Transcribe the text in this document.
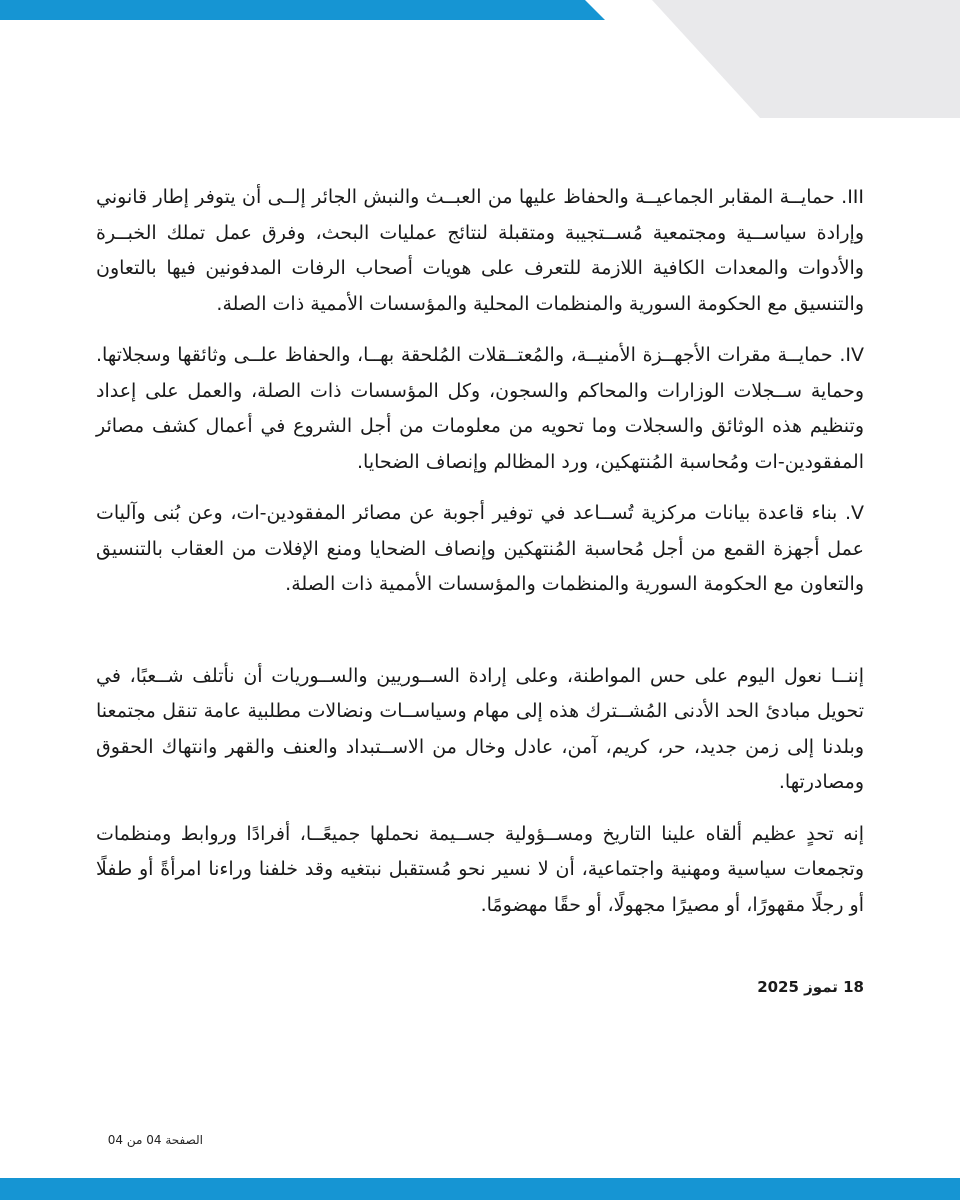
III. حمايــة المقابر الجماعيــة والحفاظ عليها من العبــث والنبش الجائر إلــى أن يتوفر إطار قانوني وإرادة سياســية ومجتمعية مُســتجيبة ومتقبلة لنتائج عمليات البحث، وفرق عمل تملك الخبــرة والأدوات والمعدات الكافية اللازمة للتعرف على هويات أصحاب الرفات المدفونين فيها بالتعاون والتنسيق مع الحكومة السورية والمنظمات المحلية والمؤسسات الأممية ذات الصلة.

IV. حمايــة مقرات الأجهــزة الأمنيــة، والمُعتــقلات المُلحقة بهــا، والحفاظ علــى وثائقها وسجلاتها. وحماية ســجلات الوزارات والمحاكم والسجون، وكل المؤسسات ذات الصلة، والعمل على إعداد وتنظيم هذه الوثائق والسجلات وما تحويه من معلومات من أجل الشروع في أعمال كشف مصائر المفقودين-ات ومُحاسبة المُنتهكين، ورد المظالم وإنصاف الضحايا.

V. بناء قاعدة بيانات مركزية تُســاعد في توفير أجوبة عن مصائر المفقودين-ات، وعن بُنى وآليات عمل أجهزة القمع من أجل مُحاسبة المُنتهكين وإنصاف الضحايا ومنع الإفلات من العقاب بالتنسيق والتعاون مع الحكومة السورية والمنظمات والمؤسسات الأممية ذات الصلة.

إننــا نعول اليوم على حس المواطنة، وعلى إرادة الســوريين والســوريات أن نأتلف شــعبًا، في تحويل مبادئ الحد الأدنى المُشــترك هذه إلى مهام وسياســات ونضالات مطلبية عامة تنقل مجتمعنا وبلدنا إلى زمن جديد، حر، كريم، آمن، عادل وخال من الاســتبداد والعنف والقهر وانتهاك الحقوق ومصادرتها.

إنه تحدٍ عظيم ألقاه علينا التاريخ ومســؤولية جســيمة نحملها جميعًــا، أفرادًا وروابط ومنظمات وتجمعات سياسية ومهنية واجتماعية، أن لا نسير نحو مُستقبل نبتغيه وقد خلفنا وراءنا امرأةً أو طفلًا أو رجلًا مقهورًا، أو مصيرًا مجهولًا، أو حقًا مهضومًا.

18 تموز 2025
الصفحة 04 من 04
